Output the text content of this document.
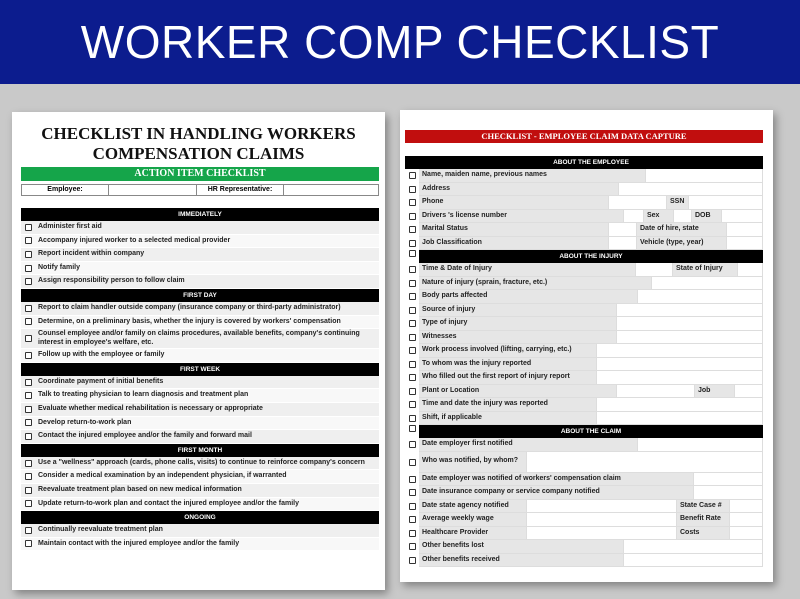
WORKER COMP CHECKLIST
CHECKLIST IN HANDLING WORKERS
COMPENSATION CLAIMS
ACTION ITEM CHECKLIST
Employee:	HR Representative:
IMMEDIATELY
Administer first aid
Accompany injured worker to a selected medical provider
Report incident within company
Notify family
Assign responsibility person to follow claim
FIRST DAY
Report to claim handler outside company (insurance company or third-party administrator)
Determine, on a preliminary basis, whether the injury is covered by workers' compensation
Counsel employee and/or family on claims procedures, available benefits, company's continuing interest in employee's welfare, etc.
Follow up with the employee or family
FIRST WEEK
Coordinate payment of initial benefits
Talk to treating physician to learn diagnosis and treatment plan
Evaluate whether medical rehabilitation is necessary or appropriate
Develop return-to-work plan
Contact the injured employee and/or the family and forward mail
FIRST MONTH
Use a "wellness" approach (cards, phone calls, visits) to continue to reinforce company's concern
Consider a medical examination by an independent physician, if warranted
Reevaluate treatment plan based on new medical information
Update return-to-work plan and contact the injured employee and/or the family
ONGOING
Continually reevaluate treatment plan
Maintain contact with the injured employee and/or the family
CHECKLIST - EMPLOYEE CLAIM DATA CAPTURE
ABOUT THE EMPLOYEE
Name, maiden name, previous names
Address
Phone	SSN
Drivers 's license number	Sex	DOB
Marital Status	Date of hire, state
Job Classification	Vehicle (type, year)
ABOUT THE INJURY
Time & Date of Injury	State of Injury
Nature of injury (sprain, fracture, etc.)
Body parts affected
Source of injury
Type of injury
Witnesses
Work process involved (lifting, carrying, etc.)
To whom was the injury reported
Who filled out the first report of injury report
Plant or Location	Job
Time and date the injury was reported
Shift, if applicable
ABOUT THE CLAIM
Date employer first notified
Who was notified, by whom?
Date employer was notified of workers' compensation claim
Date insurance company or service company notified
Date state agency notified	State Case #
Average weekly wage	Benefit Rate
Healthcare Provider	Costs
Other benefits lost
Other benefits received
